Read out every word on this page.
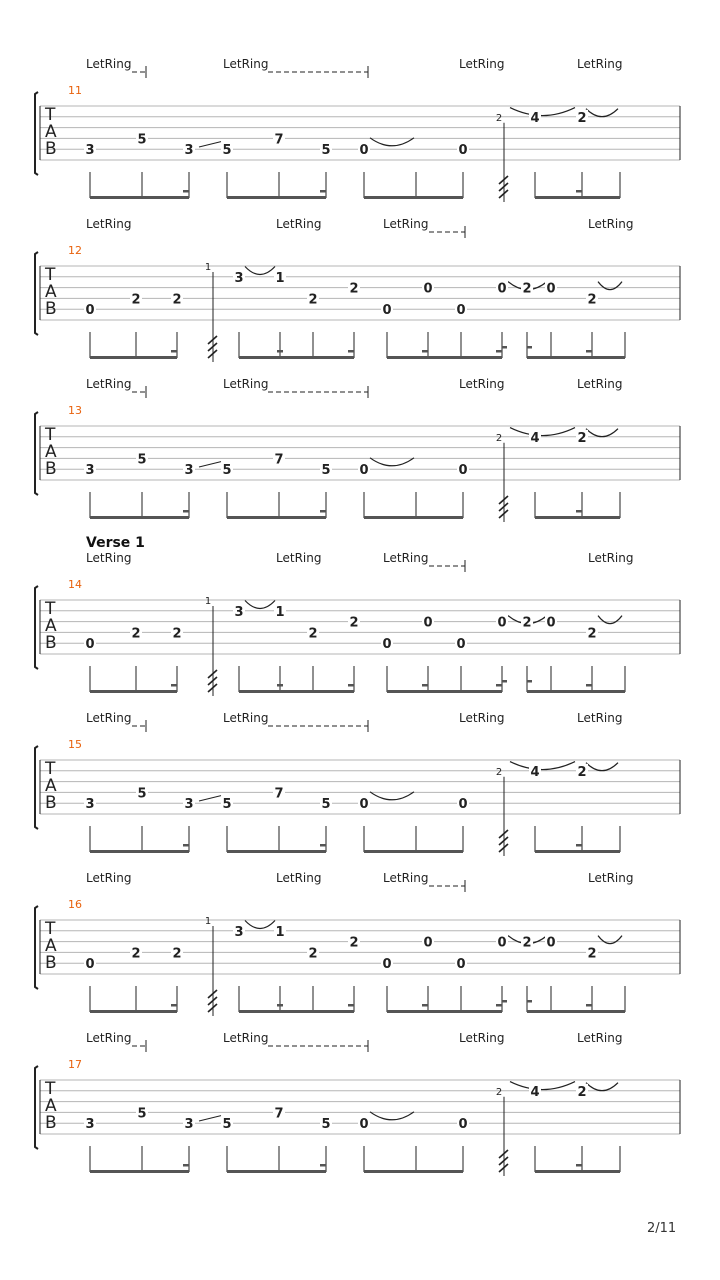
LetRing	LetRing	LetRing	LetRing
11
T
A
B
2
3
5
3 5
7
5 0	0
4	2
LetRing	LetRing	LetRing	LetRing
12
T
A
B
1
0
2 2
3 1
2
2
0
0
0
0 2 0
2
LetRing	LetRing	LetRing	LetRing
13
T
A
B
2
3
5
3 5
7
5 0	0
4	2
LetRing	LetRing	LetRing	LetRing
14
T
A
B
1
0
2 2
3 1
2
2
0
0
0
0 2 0
2
LetRing	LetRing	LetRing	LetRing
15
T
A
B
2
3
5
3 5
7
5 0	0
4	2
LetRing	LetRing	LetRing	LetRing
16
T
A
B
1
0
2 2
3 1
2
2
0
0
0
0 2 0
2
LetRing	LetRing	LetRing	LetRing
17
T
A
B
2
3
5
3 5
7
5 0	0
4	2
Verse 1
2/11
